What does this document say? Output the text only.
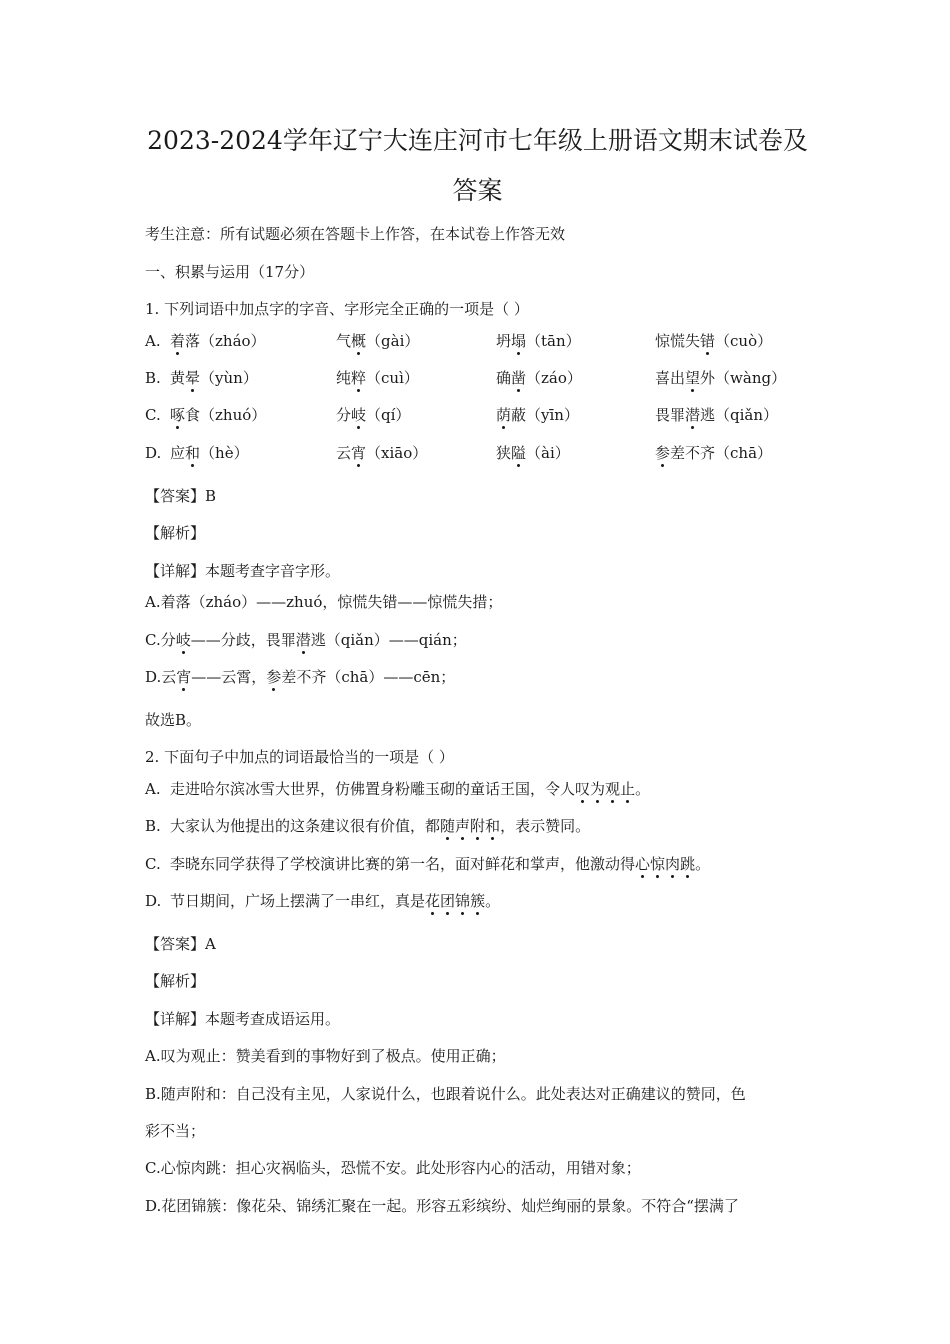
2023-2024学年辽宁大连庄河市七年级上册语文期末试卷及
答案
考生注意：所有试题必须在答题卡上作答，在本试卷上作答无效
一、积累与运用（17分）
1. 下列词语中加点字的字音、字形完全正确的一项是（ ）
A. 着落（zháo）	气概（gài）	坍塌（tān）	惊慌失错（cuò）
B. 黄晕（yùn）	纯粹（cuì）	确凿（záo）	喜出望外（wàng）
C. 啄食（zhuó）	分岐（qí）	荫蔽（yīn）	畏罪潜逃（qiǎn）
D. 应和（hè）	云宵（xiāo）	狭隘（ài）	参差不齐（chā）
【答案】B
【解析】
【详解】本题考查字音字形。
A.着落（zháo）——zhuó，惊慌失错——惊慌失措；
C.分岐——分歧，畏罪潜逃（qiǎn）——qián；
D.云宵——云霄，参差不齐（chā）——cēn；
故选B。
2. 下面句子中加点的词语最恰当的一项是（ ）
A. 走进哈尔滨冰雪大世界，仿佛置身粉雕玉砌的童话王国，令人叹为观止。
B. 大家认为他提出的这条建议很有价值，都随声附和，表示赞同。
C. 李晓东同学获得了学校演讲比赛的第一名，面对鲜花和掌声，他激动得心惊肉跳。
D. 节日期间，广场上摆满了一串红，真是花团锦簇。
【答案】A
【解析】
【详解】本题考查成语运用。
A.叹为观止：赞美看到的事物好到了极点。使用正确；
B.随声附和：自己没有主见，人家说什么，也跟着说什么。此处表达对正确建议的赞同，色
彩不当；
C.心惊肉跳：担心灾祸临头，恐慌不安。此处形容内心的活动，用错对象；
D.花团锦簇：像花朵、锦绣汇聚在一起。形容五彩缤纷、灿烂绚丽的景象。不符合“摆满了
